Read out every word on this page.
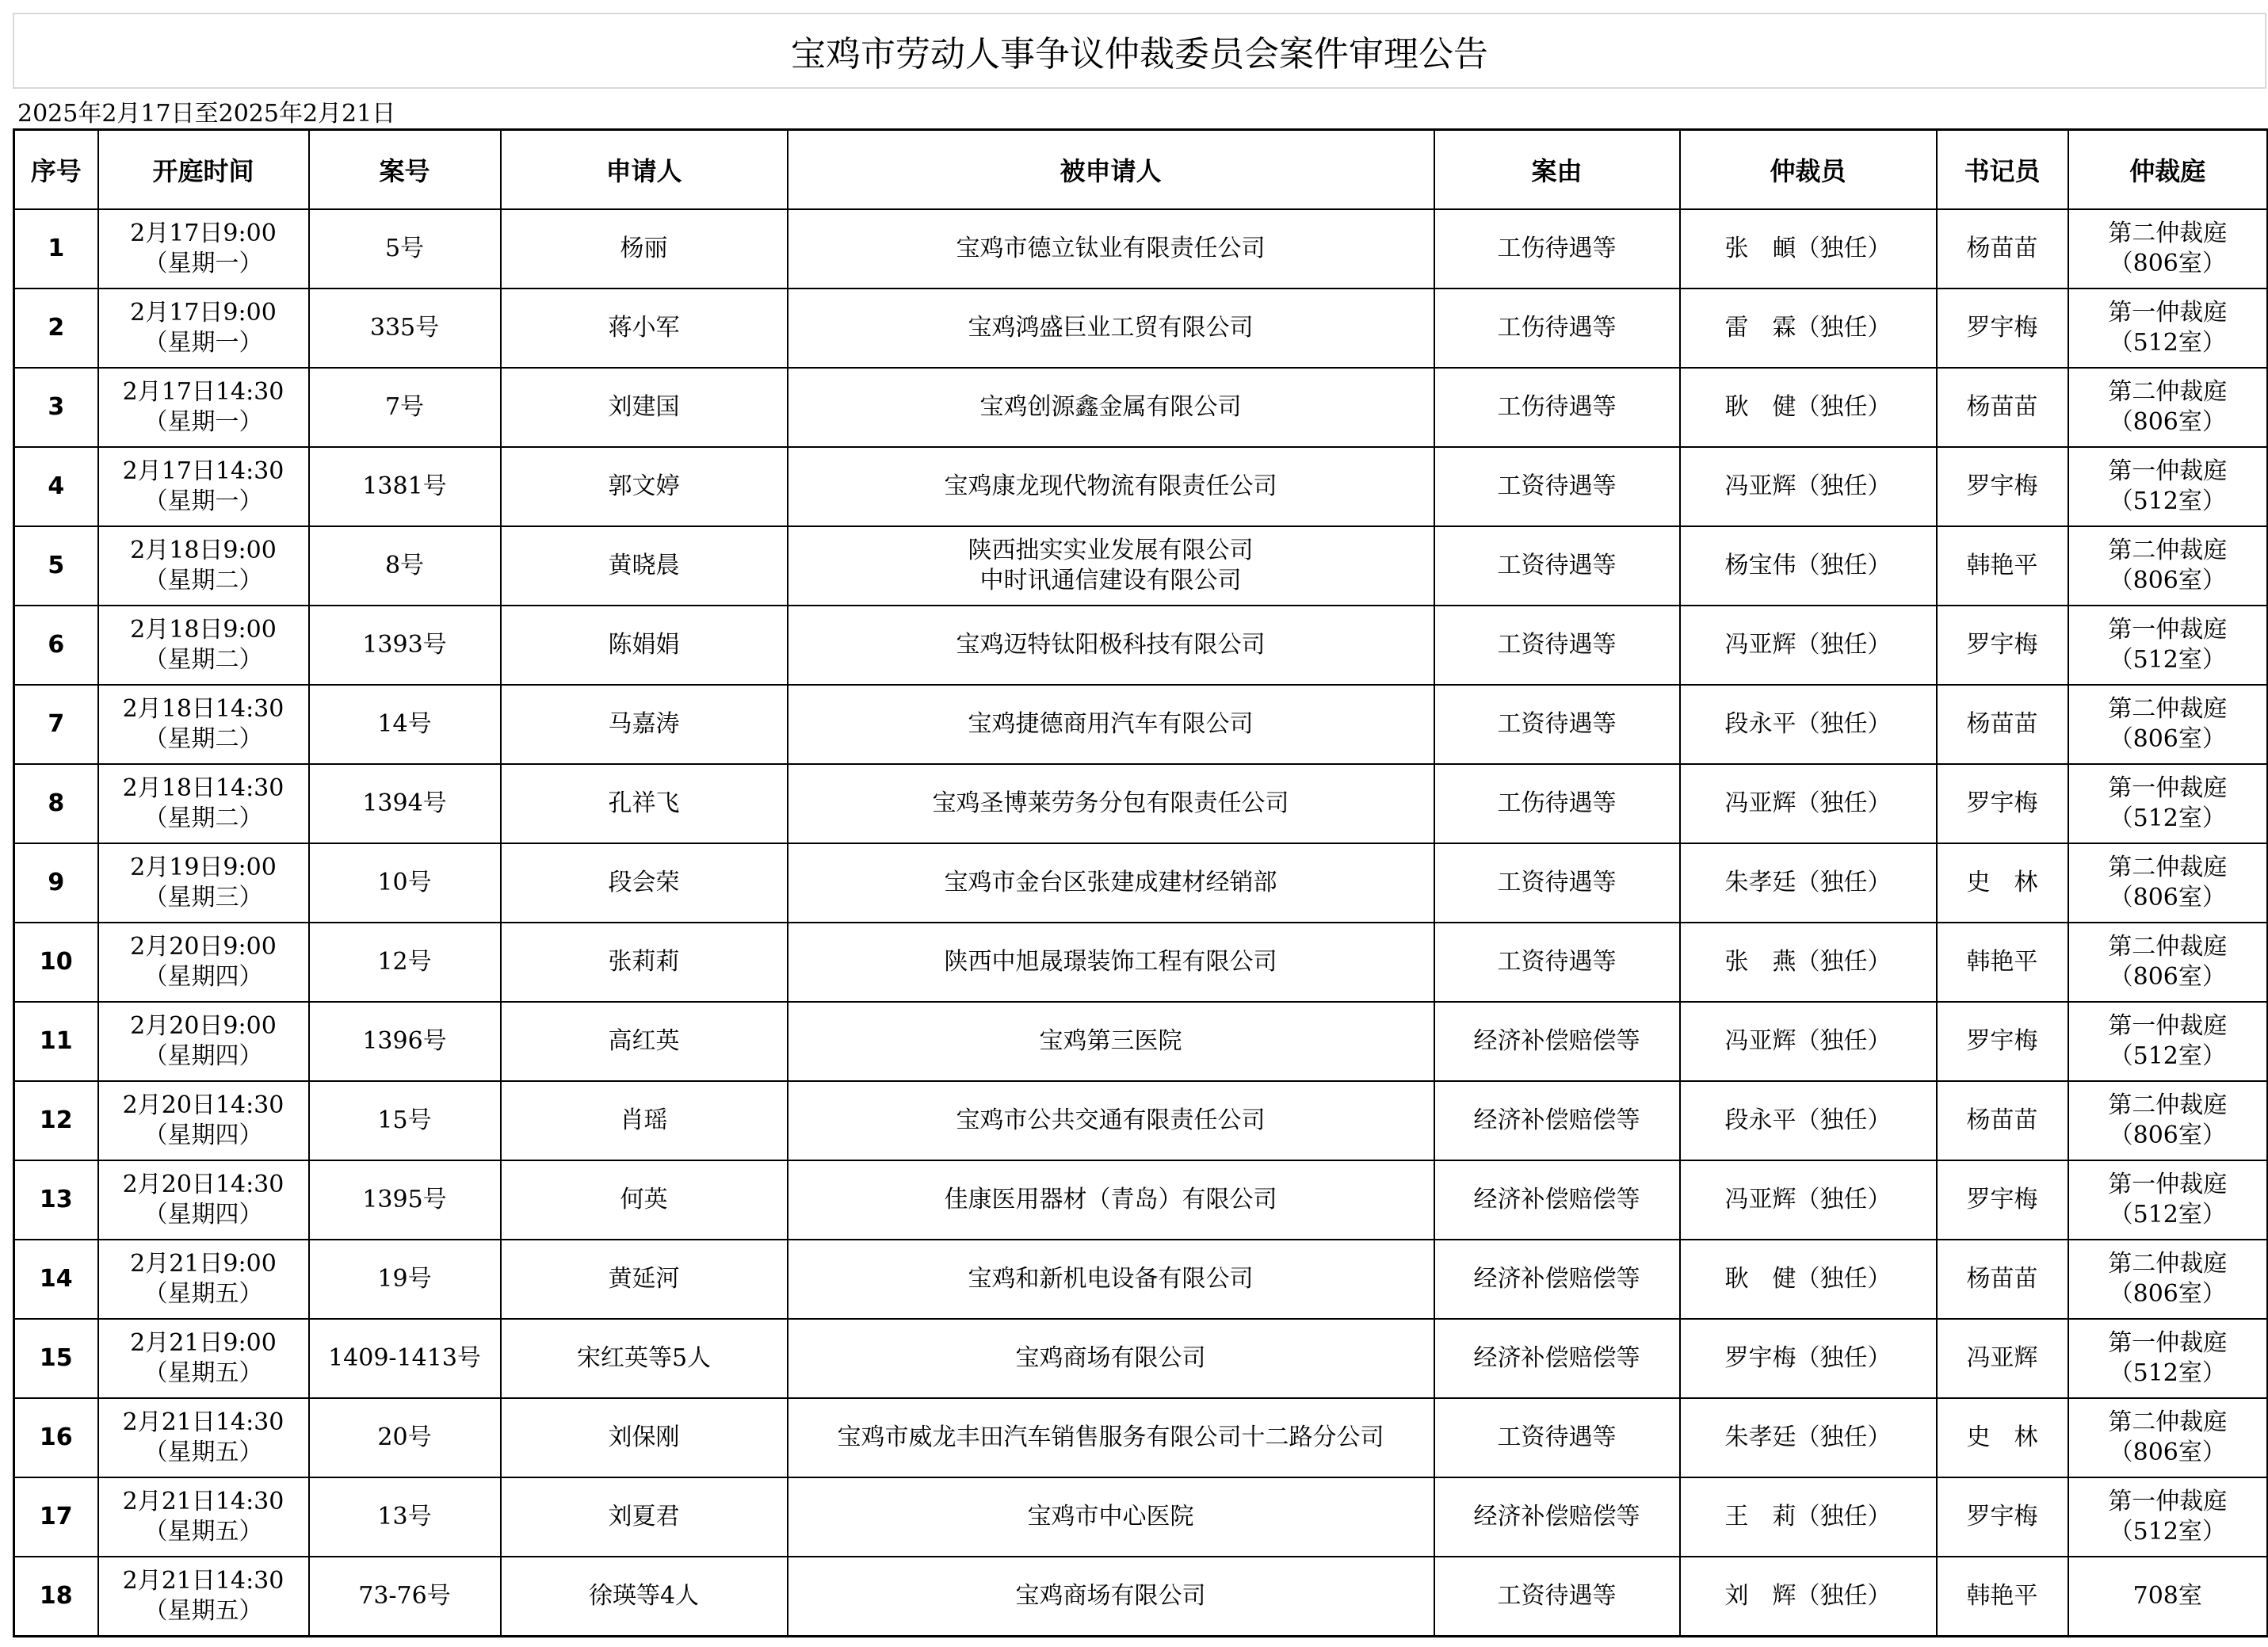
宝鸡市劳动人事争议仲裁委员会案件审理公告
2025年2月17日至2025年2月21日
序号	开庭时间	案号	申请人	被申请人	案由	仲裁员	书记员	仲裁庭

1	2月17日9:00
（星期一）	5号	杨丽	宝鸡市德立钛业有限责任公司	工伤待遇等	张　頔（独任）	杨苗苗	第二仲裁庭
（806室）

2	2月17日9:00
（星期一）	335号	蒋小军	宝鸡鸿盛巨业工贸有限公司	工伤待遇等	雷　霖（独任）	罗宇梅	第一仲裁庭
（512室）

3	2月17日14:30
（星期一）	7号	刘建国	宝鸡创源鑫金属有限公司	工伤待遇等	耿　健（独任）	杨苗苗	第二仲裁庭
（806室）

4	2月17日14:30
（星期一）	1381号	郭文婷	宝鸡康龙现代物流有限责任公司	工资待遇等	冯亚辉（独任）	罗宇梅	第一仲裁庭
（512室）

5	2月18日9:00
（星期二）	8号	黄晓晨	陕西拙实实业发展有限公司
中时讯通信建设有限公司	工资待遇等	杨宝伟（独任）	韩艳平	第二仲裁庭
（806室）

6	2月18日9:00
（星期二）	1393号	陈娟娟	宝鸡迈特钛阳极科技有限公司	工资待遇等	冯亚辉（独任）	罗宇梅	第一仲裁庭
（512室）

7	2月18日14:30
（星期二）	14号	马嘉涛	宝鸡捷德商用汽车有限公司	工资待遇等	段永平（独任）	杨苗苗	第二仲裁庭
（806室）

8	2月18日14:30
（星期二）	1394号	孔祥飞	宝鸡圣博莱劳务分包有限责任公司	工伤待遇等	冯亚辉（独任）	罗宇梅	第一仲裁庭
（512室）

9	2月19日9:00
（星期三）	10号	段会荣	宝鸡市金台区张建成建材经销部	工资待遇等	朱孝廷（独任）	史　林	第二仲裁庭
（806室）

10	2月20日9:00
（星期四）	12号	张莉莉	陕西中旭晟璟装饰工程有限公司	工资待遇等	张　燕（独任）	韩艳平	第二仲裁庭
（806室）

11	2月20日9:00
（星期四）	1396号	高红英	宝鸡第三医院	经济补偿赔偿等	冯亚辉（独任）	罗宇梅	第一仲裁庭
（512室）

12	2月20日14:30
（星期四）	15号	肖瑶	宝鸡市公共交通有限责任公司	经济补偿赔偿等	段永平（独任）	杨苗苗	第二仲裁庭
（806室）

13	2月20日14:30
（星期四）	1395号	何英	佳康医用器材（青岛）有限公司	经济补偿赔偿等	冯亚辉（独任）	罗宇梅	第一仲裁庭
（512室）

14	2月21日9:00
（星期五）	19号	黄延河	宝鸡和新机电设备有限公司	经济补偿赔偿等	耿　健（独任）	杨苗苗	第二仲裁庭
（806室）

15	2月21日9:00
（星期五）	1409-1413号	宋红英等5人	宝鸡商场有限公司	经济补偿赔偿等	罗宇梅（独任）	冯亚辉	第一仲裁庭
（512室）

16	2月21日14:30
（星期五）	20号	刘保刚	宝鸡市威龙丰田汽车销售服务有限公司十二路分公司	工资待遇等	朱孝廷（独任）	史　林	第二仲裁庭
（806室）

17	2月21日14:30
（星期五）	13号	刘夏君	宝鸡市中心医院	经济补偿赔偿等	王　莉（独任）	罗宇梅	第一仲裁庭
（512室）

18	2月21日14:30
（星期五）	73-76号	徐瑛等4人	宝鸡商场有限公司	工资待遇等	刘　辉（独任）	韩艳平	708室
